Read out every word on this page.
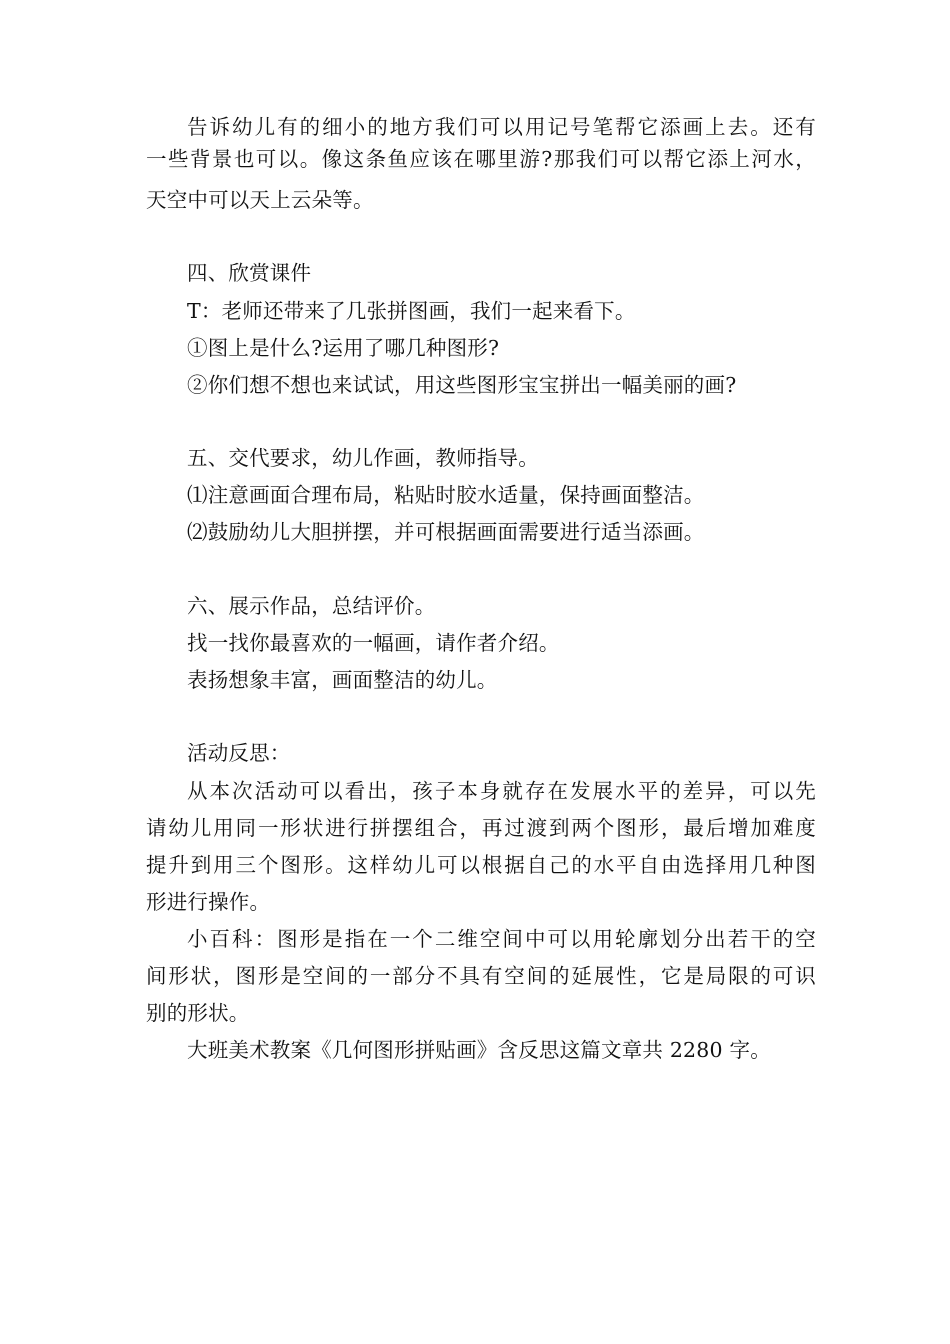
告诉幼儿有的细小的地方我们可以用记号笔帮它添画上去。还有
一些背景也可以。像这条鱼应该在哪里游?那我们可以帮它添上河水，
天空中可以天上云朵等。
四、欣赏课件
T：老师还带来了几张拼图画，我们一起来看下。
①图上是什么?运用了哪几种图形?
②你们想不想也来试试，用这些图形宝宝拼出一幅美丽的画?
五、交代要求，幼儿作画，教师指导。
⑴注意画面合理布局，粘贴时胶水适量，保持画面整洁。
⑵鼓励幼儿大胆拼摆，并可根据画面需要进行适当添画。
六、展示作品，总结评价。
找一找你最喜欢的一幅画，请作者介绍。
表扬想象丰富，画面整洁的幼儿。
活动反思：
从本次活动可以看出，孩子本身就存在发展水平的差异，可以先
请幼儿用同一形状进行拼摆组合，再过渡到两个图形，最后增加难度
提升到用三个图形。这样幼儿可以根据自己的水平自由选择用几种图
形进行操作。
小百科：图形是指在一个二维空间中可以用轮廓划分出若干的空
间形状，图形是空间的一部分不具有空间的延展性，它是局限的可识
别的形状。
大班美术教案《几何图形拼贴画》含反思这篇文章共 2280 字。
